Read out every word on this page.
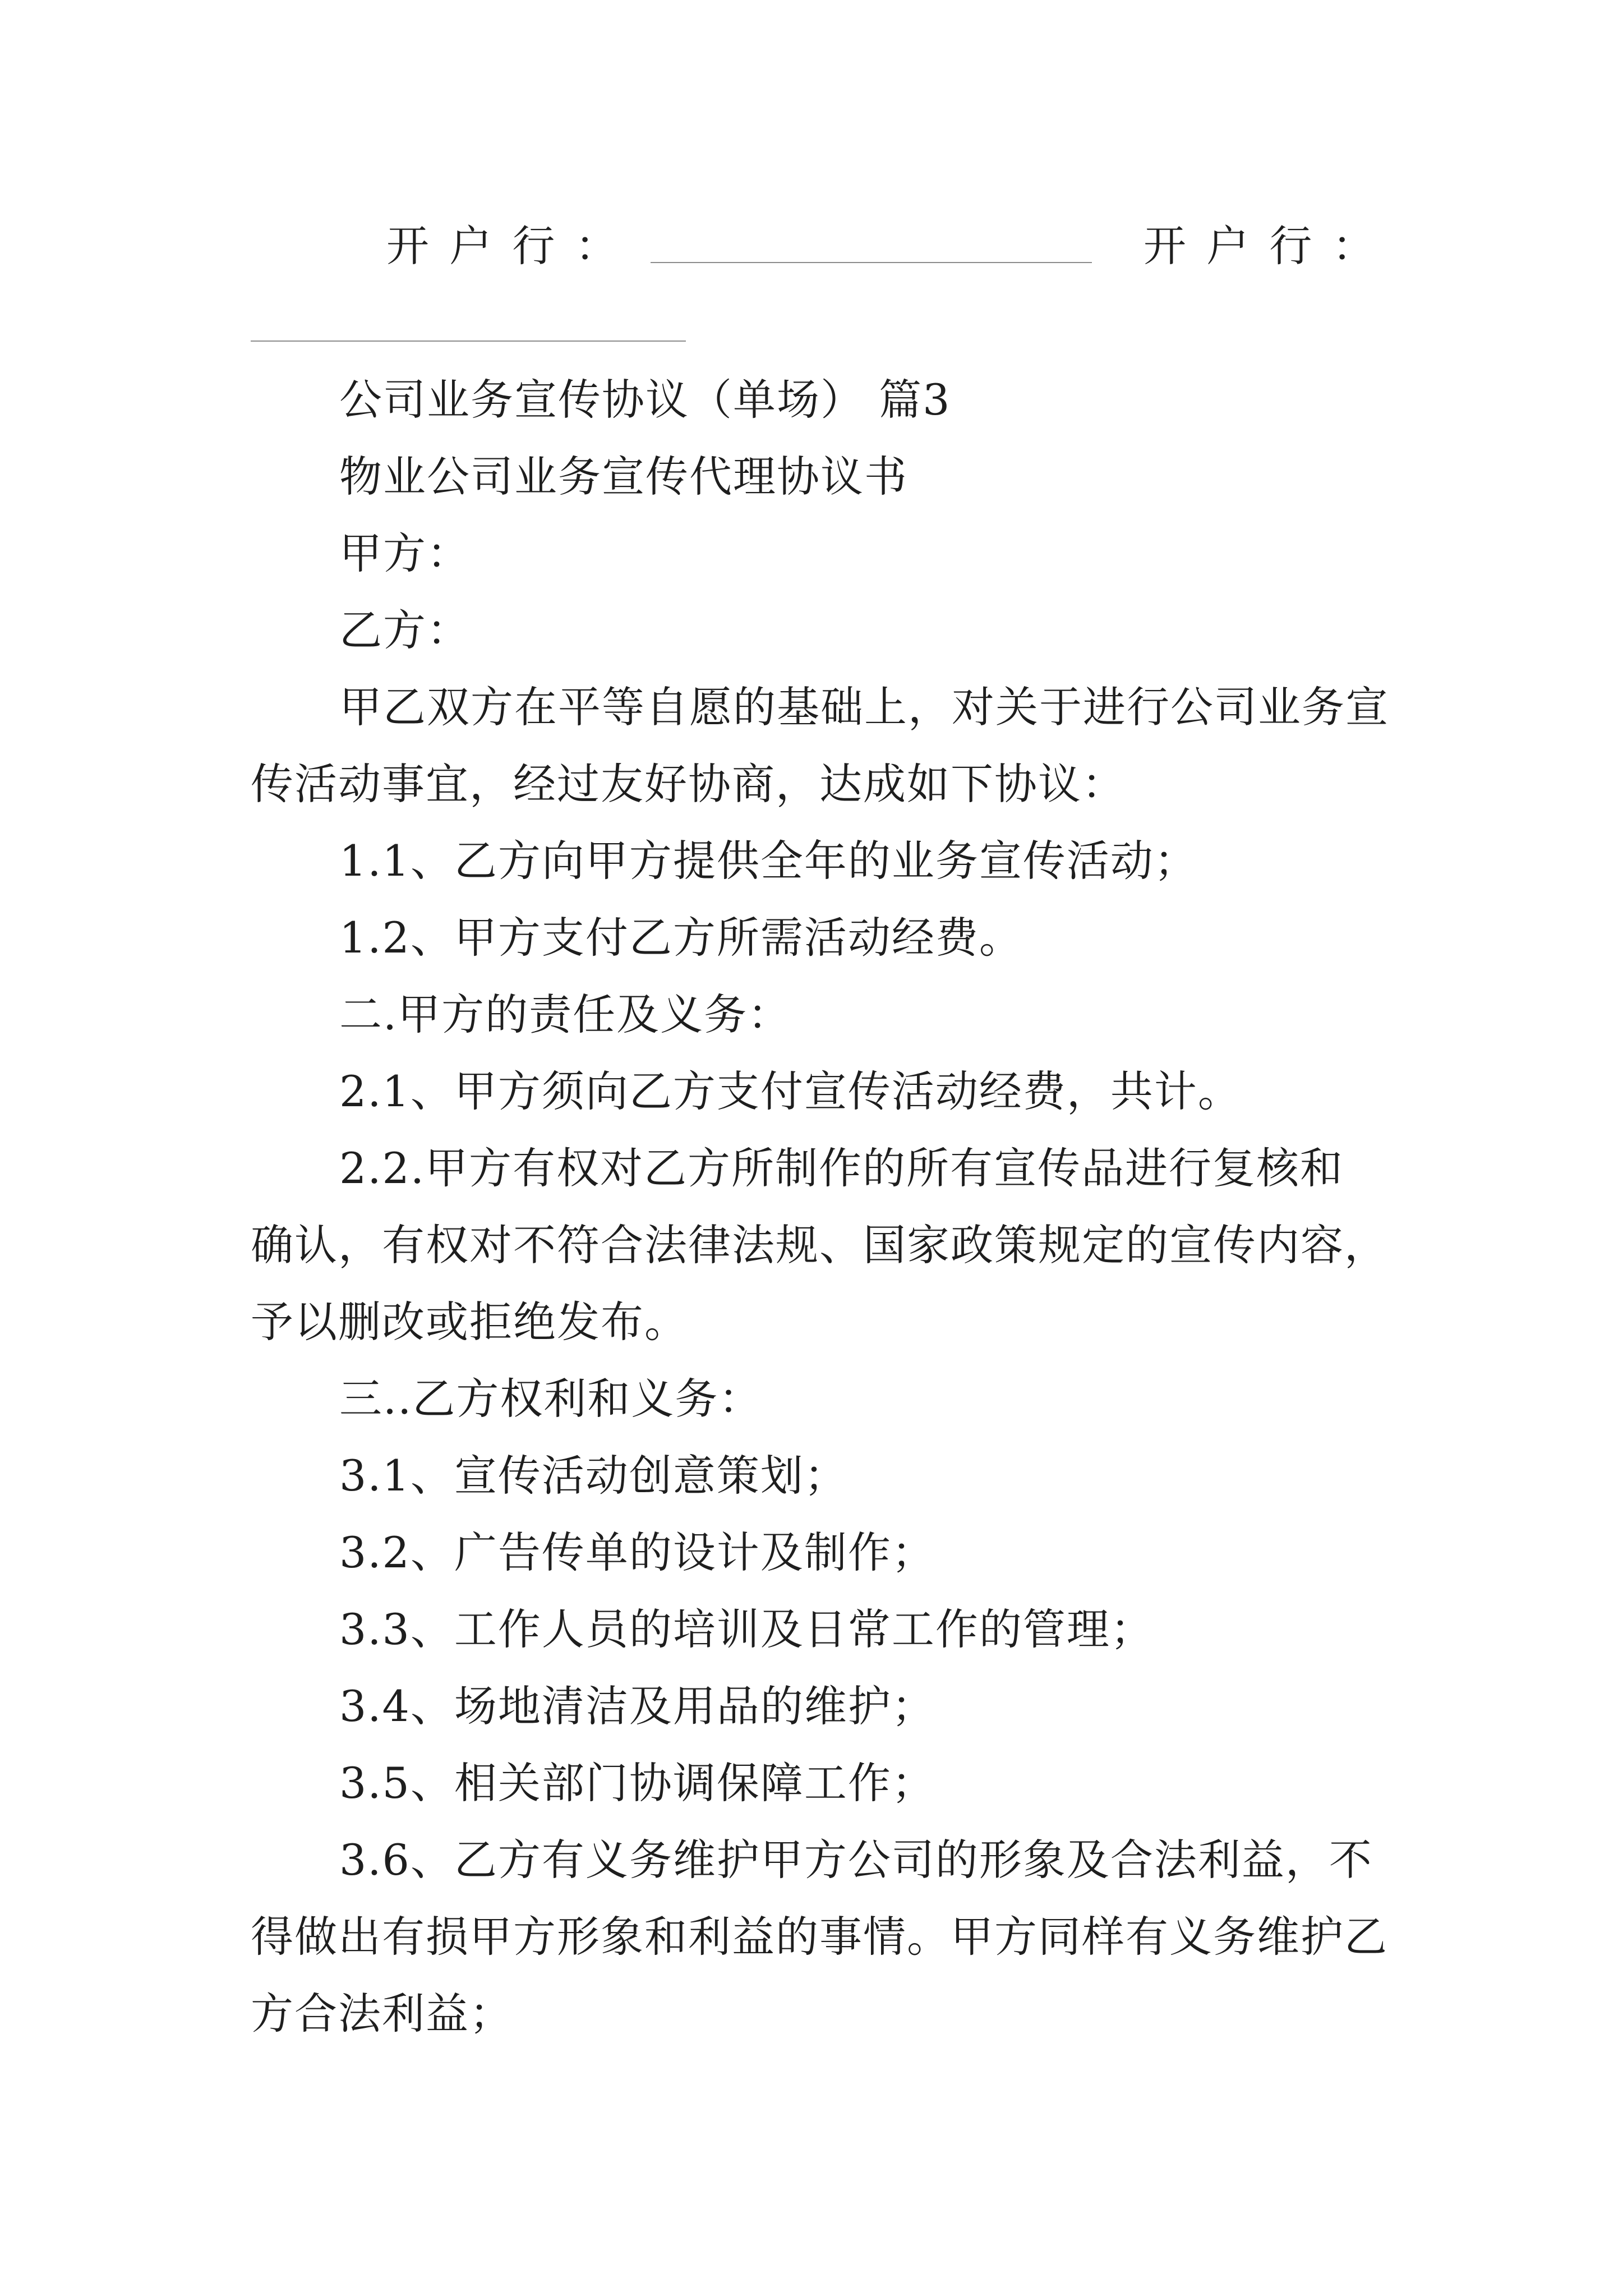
开 户 行 ：	开 户 行 ：
公司业务宣传协议（单场） 篇3
物业公司业务宣传代理协议书
甲方：
乙方：
甲乙双方在平等自愿的基础上，对关于进行公司业务宣
传活动事宜，经过友好协商，达成如下协议：
1.1、乙方向甲方提供全年的业务宣传活动；
1.2、甲方支付乙方所需活动经费。
二.甲方的责任及义务：
2.1、甲方须向乙方支付宣传活动经费，共计。
2.2.甲方有权对乙方所制作的所有宣传品进行复核和
确认，有权对不符合法律法规、国家政策规定的宣传内容，
予以删改或拒绝发布。
三..乙方权利和义务：
3.1、宣传活动创意策划；
3.2、广告传单的设计及制作；
3.3、工作人员的培训及日常工作的管理；
3.4、场地清洁及用品的维护；
3.5、相关部门协调保障工作；
3.6、乙方有义务维护甲方公司的形象及合法利益，不
得做出有损甲方形象和利益的事情。甲方同样有义务维护乙
方合法利益；
